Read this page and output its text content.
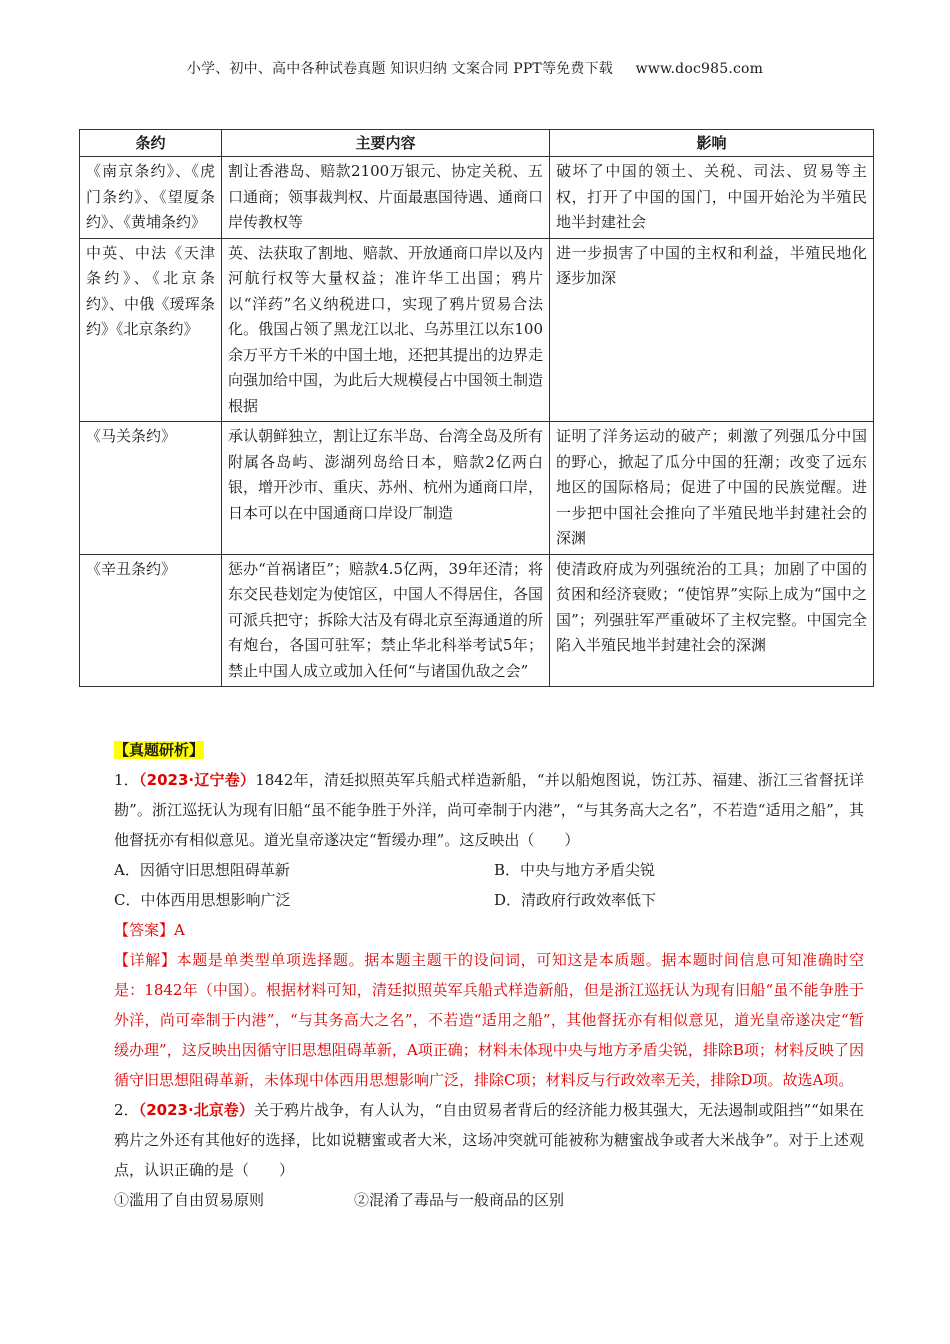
小学、初中、高中各种试卷真题 知识归纳 文案合同 PPT等免费下载 www.doc985.com
条约	主要内容	影响
《南京条约》、《虎门条约》、《望厦条约》、《黄埔条约》	割让香港岛、赔款2100万银元、协定关税、五口通商；领事裁判权、片面最惠国待遇、通商口岸传教权等	破坏了中国的领土、关税、司法、贸易等主权，打开了中国的国门，中国开始沦为半殖民地半封建社会
中英、中法《天津条约》、《北京条约》、中俄《瑷珲条约》《北京条约》	英、法获取了割地、赔款、开放通商口岸以及内河航行权等大量权益；准许华工出国；鸦片以“洋药”名义纳税进口，实现了鸦片贸易合法化。俄国占领了黑龙江以北、乌苏里江以东100余万平方千米的中国土地，还把其提出的边界走向强加给中国，为此后大规模侵占中国领土制造根据	进一步损害了中国的主权和利益，半殖民地化逐步加深
《马关条约》	承认朝鲜独立，割让辽东半岛、台湾全岛及所有附属各岛屿、澎湖列岛给日本，赔款2亿两白银，增开沙市、重庆、苏州、杭州为通商口岸，日本可以在中国通商口岸设厂制造	证明了洋务运动的破产；刺激了列强瓜分中国的野心，掀起了瓜分中国的狂潮；改变了远东地区的国际格局；促进了中国的民族觉醒。进一步把中国社会推向了半殖民地半封建社会的深渊
《辛丑条约》	惩办“首祸诸臣”；赔款4.5亿两，39年还清；将东交民巷划定为使馆区，中国人不得居住，各国可派兵把守；拆除大沽及有碍北京至海通道的所有炮台，各国可驻军；禁止华北科举考试5年；禁止中国人成立或加入任何“与诸国仇敌之会”	使清政府成为列强统治的工具；加剧了中国的贫困和经济衰败；“使馆界”实际上成为“国中之国”；列强驻军严重破坏了主权完整。中国完全陷入半殖民地半封建社会的深渊
【真题研析】
1．（2023·辽宁卷）1842年，清廷拟照英军兵船式样造新船，“并以船炮图说，饬江苏、福建、浙江三省督抚详勘”。浙江巡抚认为现有旧船“虽不能争胜于外洋，尚可牵制于内港”，“与其务高大之名”，不若造“适用之船”，其他督抚亦有相似意见。道光皇帝遂决定“暂缓办理”。这反映出（　　）
A．因循守旧思想阻碍革新	B．中央与地方矛盾尖锐
C．中体西用思想影响广泛	D．清政府行政效率低下
【答案】A
【详解】本题是单类型单项选择题。据本题主题干的设问词，可知这是本质题。据本题时间信息可知准确时空是：1842年（中国）。根据材料可知，清廷拟照英军兵船式样造新船，但是浙江巡抚认为现有旧船“虽不能争胜于外洋，尚可牵制于内港”，“与其务高大之名”，不若造“适用之船”，其他督抚亦有相似意见，道光皇帝遂决定“暂缓办理”，这反映出因循守旧思想阻碍革新，A项正确；材料未体现中央与地方矛盾尖锐，排除B项；材料反映了因循守旧思想阻碍革新，未体现中体西用思想影响广泛，排除C项；材料反与行政效率无关，排除D项。故选A项。
2．（2023·北京卷）关于鸦片战争，有人认为，“自由贸易者背后的经济能力极其强大，无法遏制或阻挡”“如果在鸦片之外还有其他好的选择，比如说糖蜜或者大米，这场冲突就可能被称为糖蜜战争或者大米战争”。对于上述观点，认识正确的是（　　）
①滥用了自由贸易原则	②混淆了毒品与一般商品的区别
